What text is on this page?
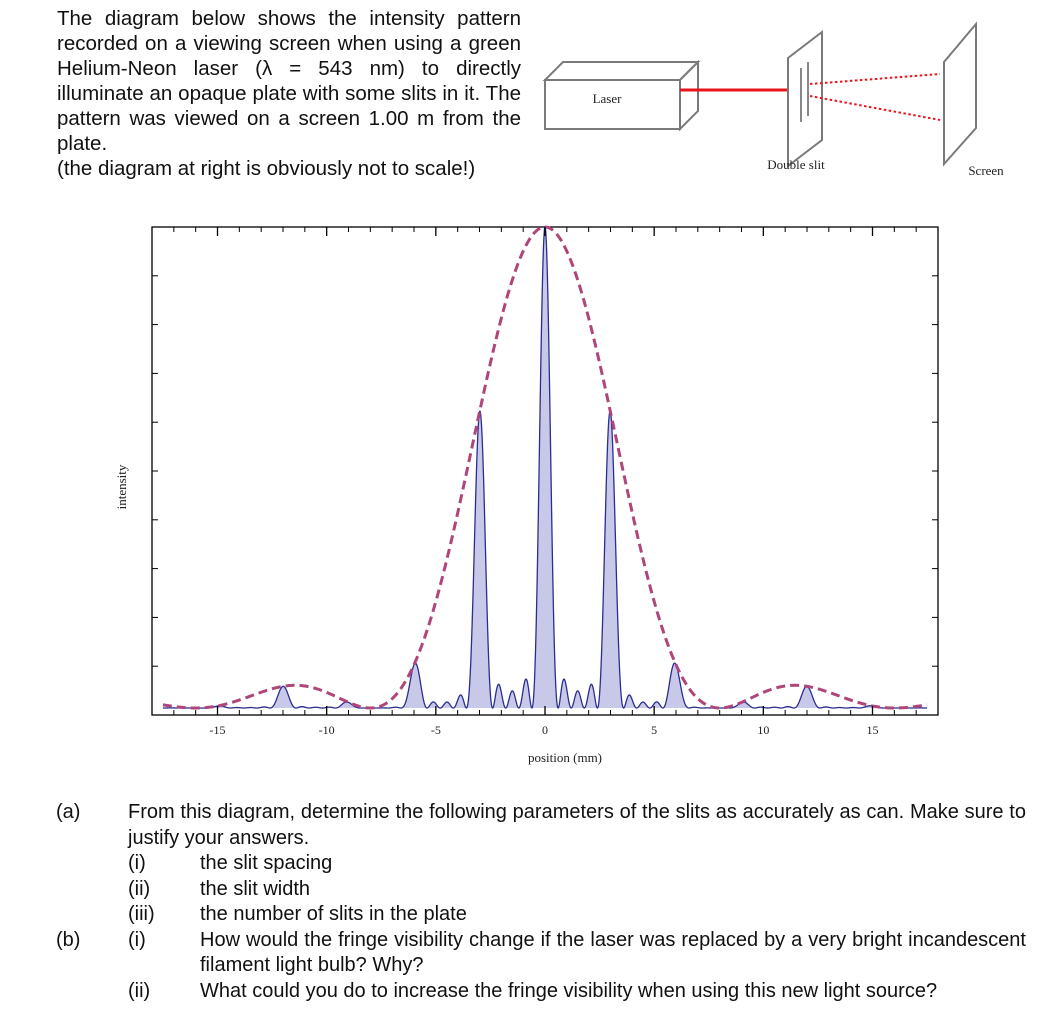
The diagram below shows the intensity pattern recorded on a viewing screen when using a green Helium-Neon laser (λ = 543 nm) to directly illuminate an opaque plate with some slits in it. The pattern was viewed on a screen 1.00 m from the plate.

(the diagram at right is obviously not to scale!)

Laser
Double slit	Screen
-15	-10	-5	0	5	10	15
position (mm)
intensity
(a)	From this diagram, determine the following parameters of the slits as accurately as can. Make sure to justify your answers.
(i)	the slit spacing
(ii)	the slit width
(iii)	the number of slits in the plate
(b)	(i)	How would the fringe visibility change if the laser was replaced by a very bright incandescent filament light bulb? Why?
(ii)	What could you do to increase the fringe visibility when using this new light source?
